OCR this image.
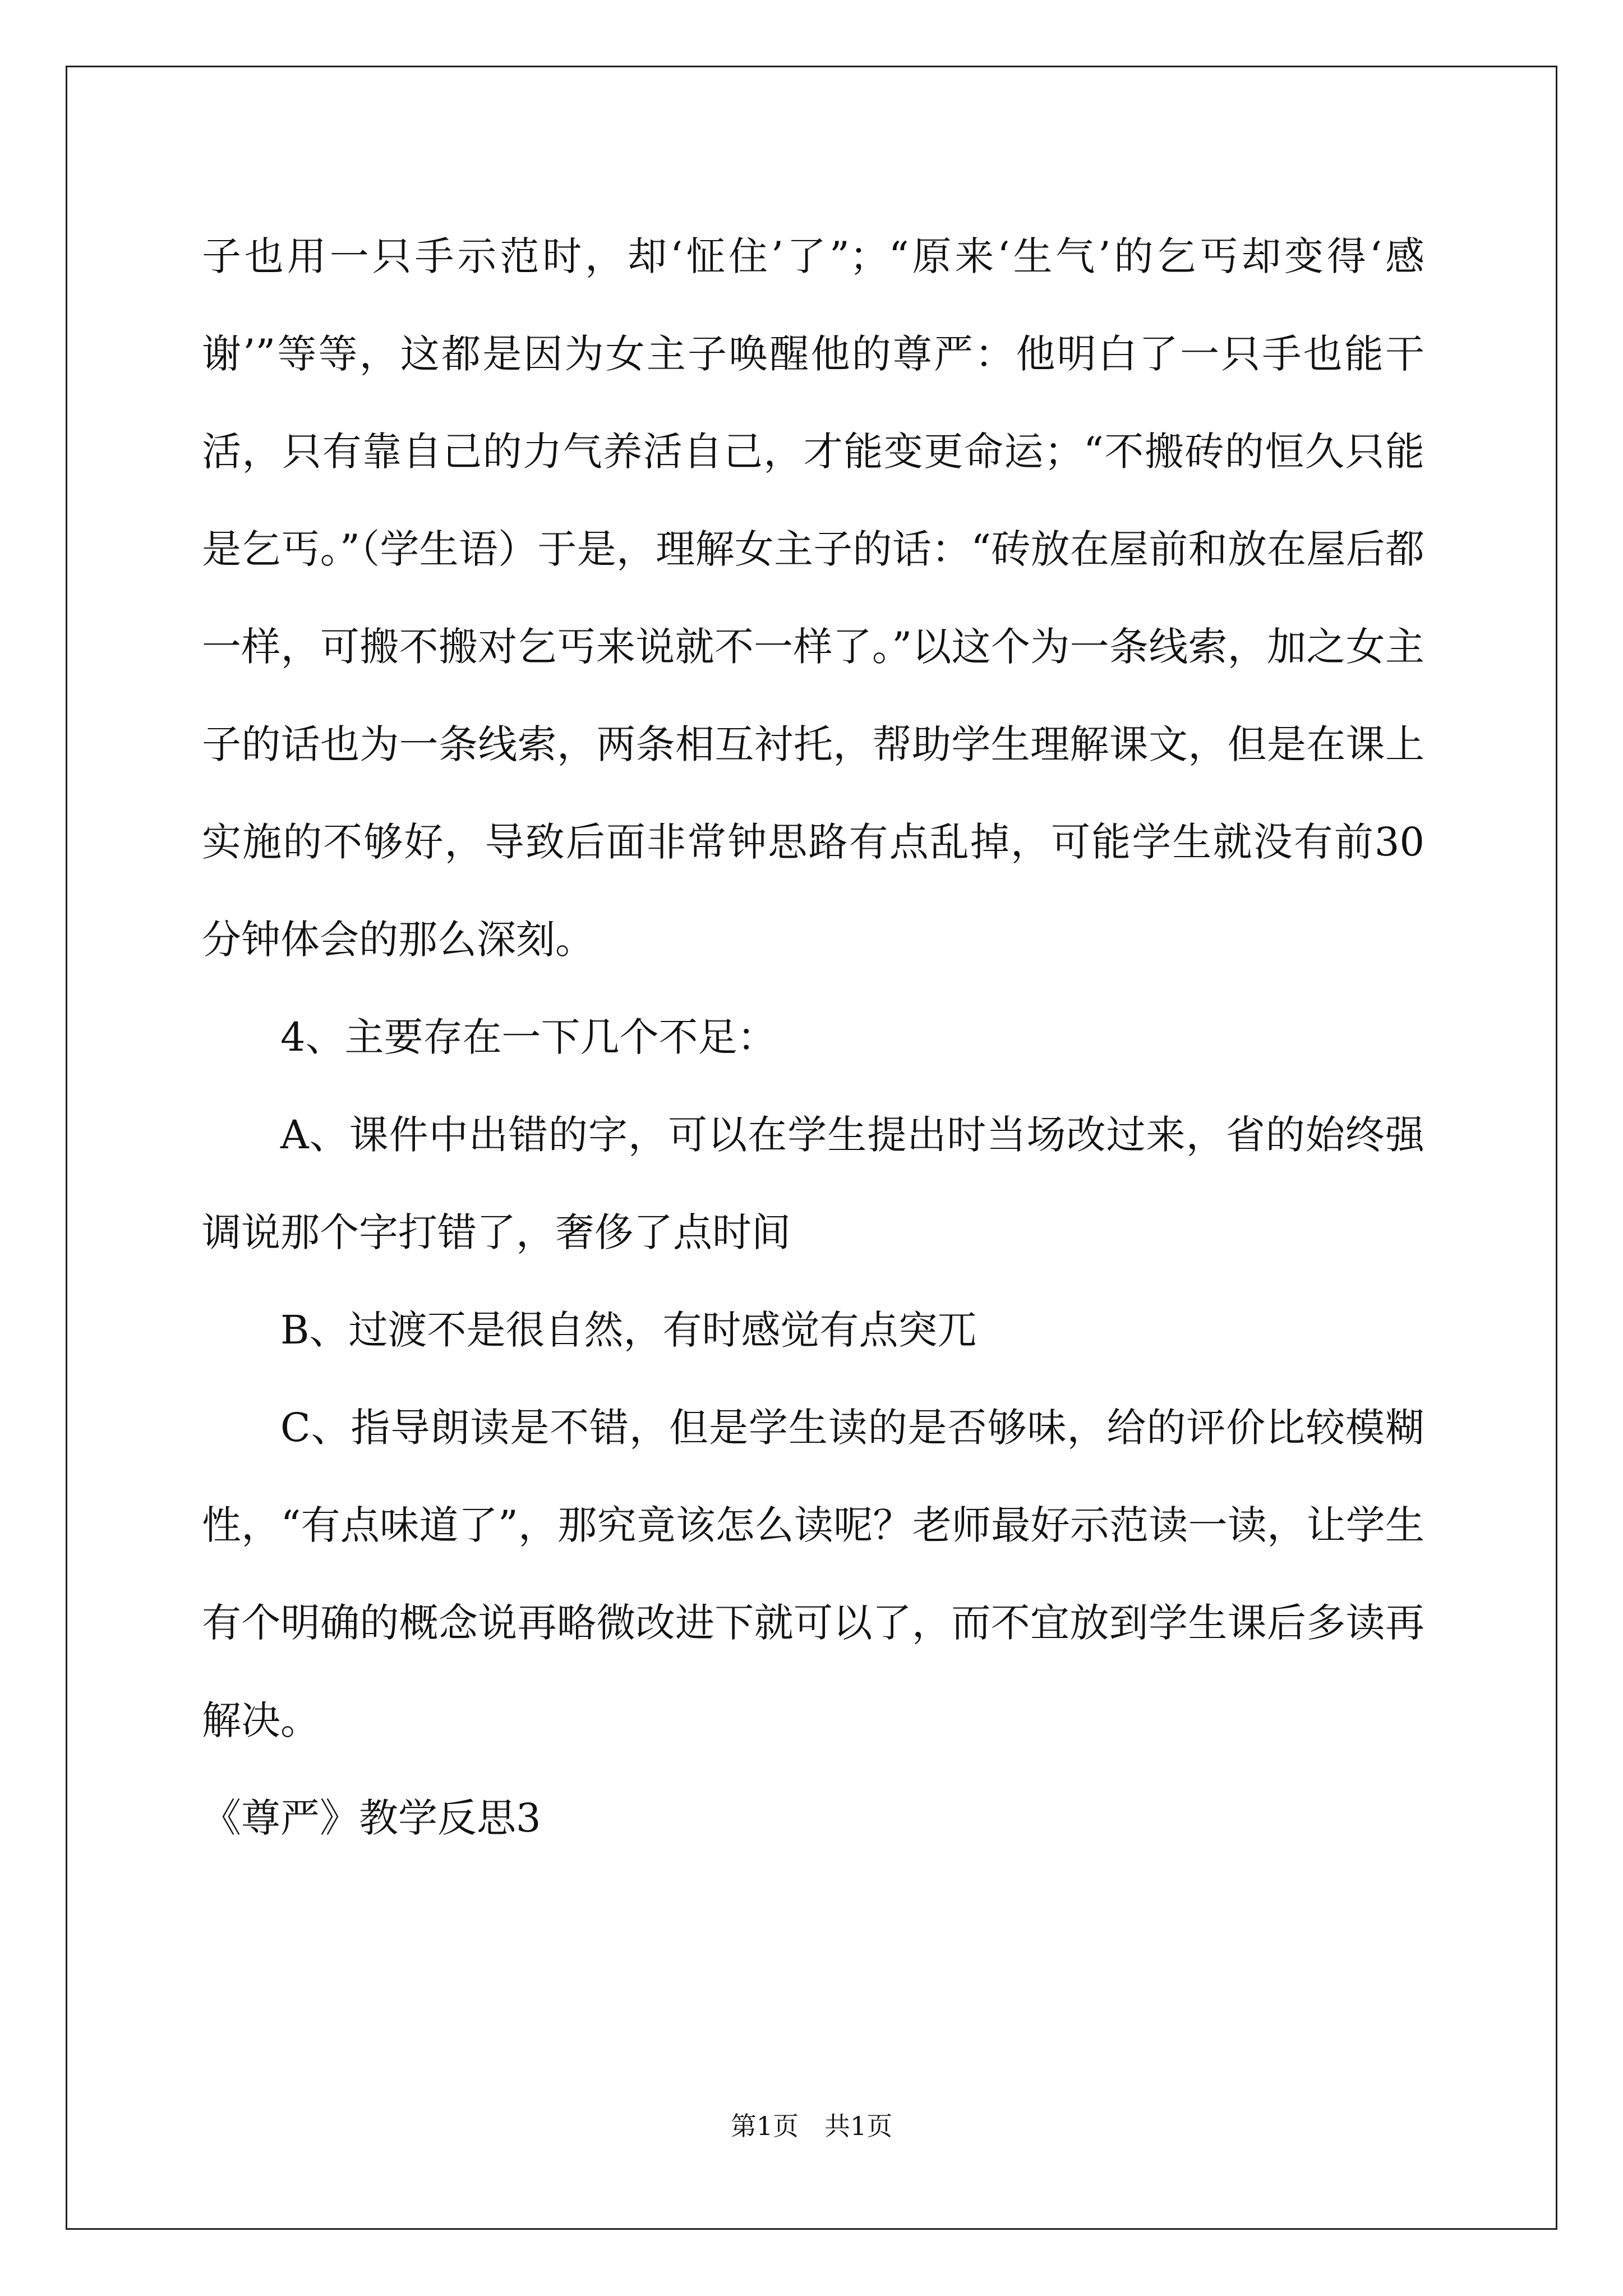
子也用一只手示范时，却‘怔住’了”；“原来‘生气’的乞丐却变得‘感谢’”等等，这都是因为女主子唤醒他的尊严：他明白了一只手也能干活，只有靠自己的力气养活自己，才能变更命运；“不搬砖的恒久只能是乞丐。”（学生语）于是，理解女主子的话：“砖放在屋前和放在屋后都一样，可搬不搬对乞丐来说就不一样了。”以这个为一条线索，加之女主子的话也为一条线索，两条相互衬托，帮助学生理解课文，但是在课上实施的不够好，导致后面非常钟思路有点乱掉，可能学生就没有前30分钟体会的那么深刻。

4、主要存在一下几个不足：

A、课件中出错的字，可以在学生提出时当场改过来，省的始终强调说那个字打错了，奢侈了点时间

B、过渡不是很自然，有时感觉有点突兀

C、指导朗读是不错，但是学生读的是否够味，给的评价比较模糊性，“有点味道了”，那究竟该怎么读呢？老师最好示范读一读，让学生有个明确的概念说再略微改进下就可以了，而不宜放到学生课后多读再解决。

《尊严》教学反思3

第1页　共1页
